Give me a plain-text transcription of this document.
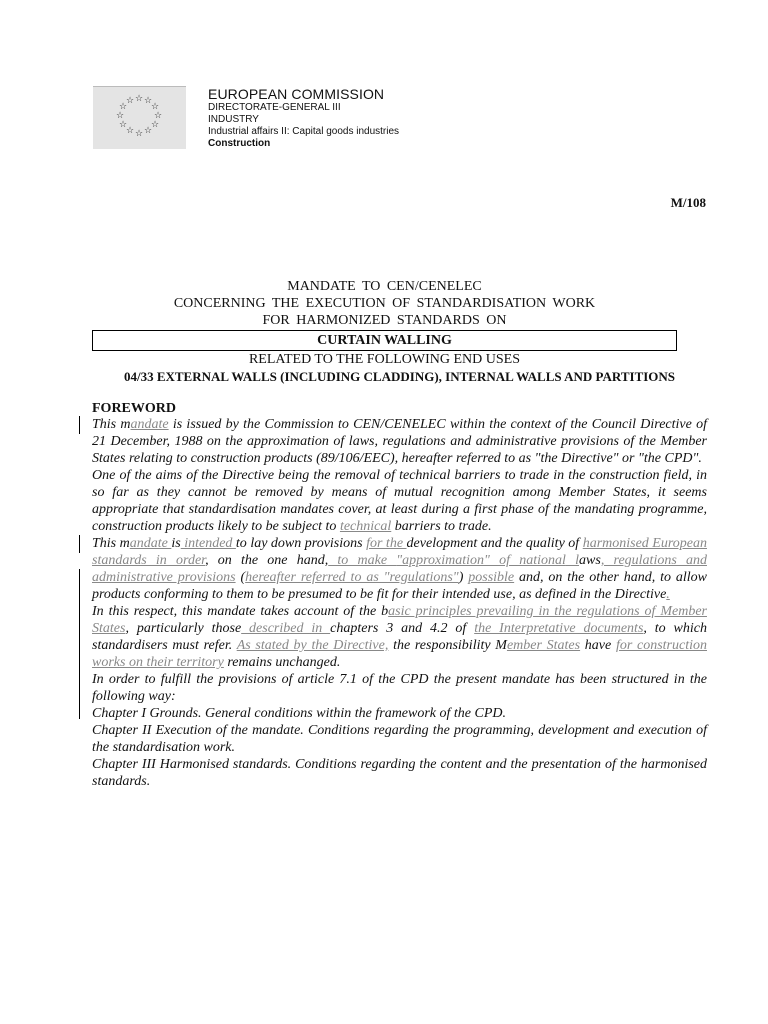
☆ ☆
☆
☆
☆
☆
☆
☆
☆
☆
☆
☆	EUROPEAN COMMISSION
DIRECTORATE-GENERAL III
INDUSTRY
Industrial affairs II: Capital goods industries
Construction
M/108
MANDATE TO CEN/CENELEC
CONCERNING THE EXECUTION OF STANDARDISATION WORK
FOR HARMONIZED STANDARDS ON
CURTAIN WALLING
RELATED TO THE FOLLOWING END USES
04/33 EXTERNAL WALLS (INCLUDING CLADDING), INTERNAL WALLS AND PARTITIONS
FOREWORD

This mandate is issued by the Commission to CEN/CENELEC within the context of the Council Directive of 21 December, 1988 on the approximation of laws, regulations and administrative provisions of the Member States relating to construction products (89/106/EEC), hereafter referred to as "the Directive" or "the CPD".

One of the aims of the Directive being the removal of technical barriers to trade in the construction field, in so far as they cannot be removed by means of mutual recognition among Member States, it seems appropriate that standardisation mandates cover, at least during a first phase of the mandating programme, construction products likely to be subject to technical barriers to trade.

This mandate is intended to lay down provisions for the development and the quality of harmonised European standards in order, on the one hand, to make "approximation" of national laws, regulations and administrative provisions (hereafter referred to as "regulations") possible and, on the other hand, to allow products conforming to them to be presumed to be fit for their intended use, as defined in the Directive.

In this respect, this mandate takes account of the basic principles prevailing in the regulations of Member States, particularly those described in chapters 3 and 4.2 of the Interpretative documents, to which standardisers must refer. As stated by the Directive, the responsibility Member States have for construction works on their territory remains unchanged.

In order to fulfill the provisions of article 7.1 of the CPD the present mandate has been structured in the following way:

Chapter I Grounds. General conditions within the framework of the CPD.

Chapter II Execution of the mandate. Conditions regarding the programming, development and execution of the standardisation work.

Chapter III Harmonised standards. Conditions regarding the content and the presentation of the harmonised standards.
